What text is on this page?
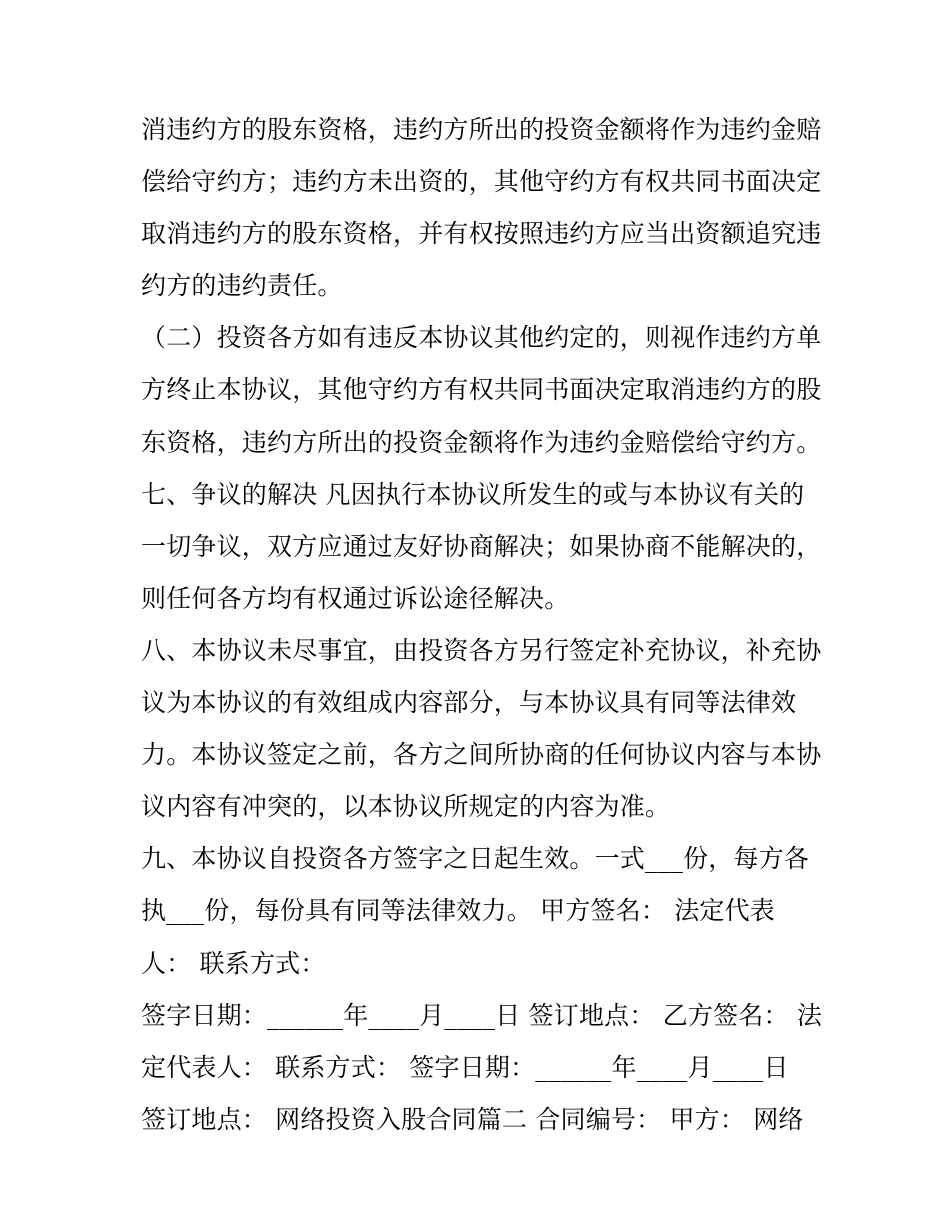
消违约方的股东资格，违约方所出的投资金额将作为违约金赔
偿给守约方；违约方未出资的，其他守约方有权共同书面决定
取消违约方的股东资格，并有权按照违约方应当出资额追究违
约方的违约责任。
（二）投资各方如有违反本协议其他约定的，则视作违约方单
方终止本协议，其他守约方有权共同书面决定取消违约方的股
东资格，违约方所出的投资金额将作为违约金赔偿给守约方。
七、争议的解决 凡因执行本协议所发生的或与本协议有关的
一切争议，双方应通过友好协商解决；如果协商不能解决的，
则任何各方均有权通过诉讼途径解决。
八、本协议未尽事宜，由投资各方另行签定补充协议，补充协
议为本协议的有效组成内容部分，与本协议具有同等法律效
力。本协议签定之前，各方之间所协商的任何协议内容与本协
议内容有冲突的，以本协议所规定的内容为准。
九、本协议自投资各方签字之日起生效。一式___份，每方各
执___份，每份具有同等法律效力。 甲方签名： 法定代表
人： 联系方式：
签字日期：______年____月____日 签订地点： 乙方签名： 法
定代表人： 联系方式： 签字日期：______年____月____日
签订地点： 网络投资入股合同篇二 合同编号： 甲方： 网络
